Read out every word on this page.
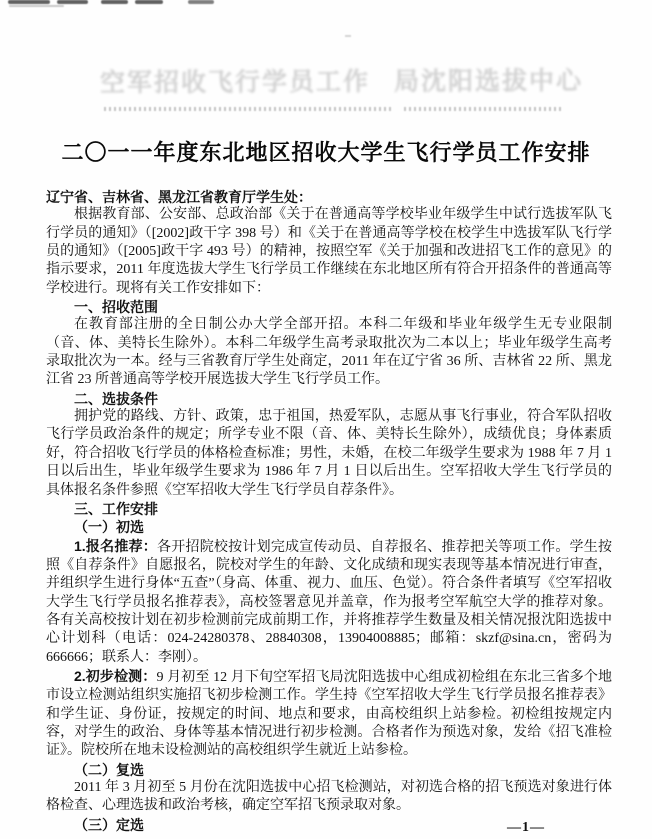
空军招收飞行学员工作 局沈阳选拔中心
二〇一一年度东北地区招收大学生飞行学员工作安排

辽宁省、吉林省、黑龙江省教育厅学生处：

根据教育部、公安部、总政治部《关于在普通高等学校毕业年级学生中试行选拔军队飞行学员的通知》（[2002]政干字 398 号）和《关于在普通高等学校在校学生中选拔军队飞行学员的通知》（[2005]政干字 493 号）的精神，按照空军《关于加强和改进招飞工作的意见》的指示要求，2011 年度选拔大学生飞行学员工作继续在东北地区所有符合开招条件的普通高等学校进行。现将有关工作安排如下：

一、招收范围

在教育部注册的全日制公办大学全部开招。本科二年级和毕业年级学生无专业限制（音、体、美特长生除外）。本科二年级学生高考录取批次为二本以上；毕业年级学生高考录取批次为一本。经与三省教育厅学生处商定，2011 年在辽宁省 36 所、吉林省 22 所、黑龙江省 23 所普通高等学校开展选拔大学生飞行学员工作。

二、选拔条件

拥护党的路线、方针、政策，忠于祖国，热爱军队，志愿从事飞行事业，符合军队招收飞行学员政治条件的规定；所学专业不限（音、体、美特长生除外），成绩优良；身体素质好，符合招收飞行学员的体格检查标准；男性，未婚，在校二年级学生要求为 1988 年 7 月 1 日以后出生，毕业年级学生要求为 1986 年 7 月 1 日以后出生。空军招收大学生飞行学员的具体报名条件参照《空军招收大学生飞行学员自荐条件》。

三、工作安排

（一）初选

1.报名推荐：各开招院校按计划完成宣传动员、自荐报名、推荐把关等项工作。学生按照《自荐条件》自愿报名，院校对学生的年龄、文化成绩和现实表现等基本情况进行审查，并组织学生进行身体“五查”（身高、体重、视力、血压、色觉）。符合条件者填写《空军招收大学生飞行学员报名推荐表》，高校签署意见并盖章，作为报考空军航空大学的推荐对象。各有关高校按计划在初步检测前完成前期工作，并将推荐学生数量及相关情况报沈阳选拔中心计划科（电话：024-24280378、28840308，13904008885；邮箱：skzf@sina.cn，密码为 666666；联系人：李刚）。

2.初步检测：9 月初至 12 月下旬空军招飞局沈阳选拔中心组成初检组在东北三省多个地市设立检测站组织实施招飞初步检测工作。学生持《空军招收大学生飞行学员报名推荐表》和学生证、身份证，按规定的时间、地点和要求，由高校组织上站参检。初检组按规定内容，对学生的政治、身体等基本情况进行初步检测。合格者作为预选对象，发给《招飞准检证》。院校所在地未设检测站的高校组织学生就近上站参检。

（二）复选

2011 年 3 月初至 5 月份在沈阳选拔中心招飞检测站，对初选合格的招飞预选对象进行体格检查、心理选拔和政治考核，确定空军招飞预录取对象。

（三）定选	—1—
